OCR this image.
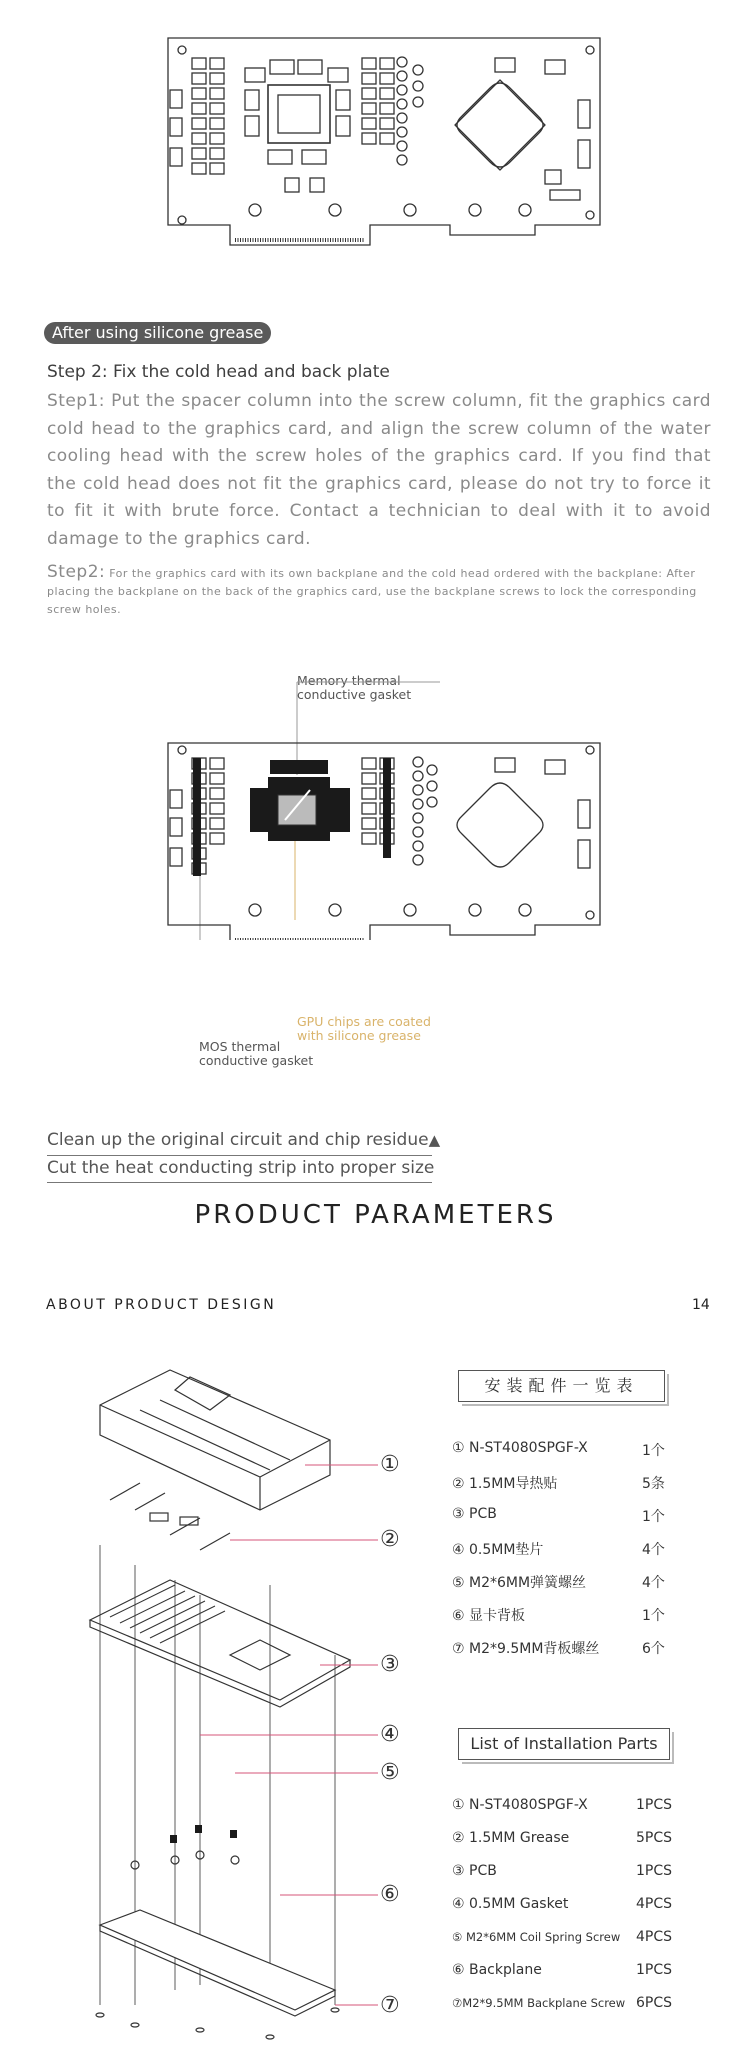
After using silicone grease
Step 2: Fix the cold head and back plate
Step1: Put the spacer column into the screw column, fit the graphics card cold head to the graphics card, and align the screw column of the water cooling head with the screw holes of the graphics card. If you find that the cold head does not fit the graphics card, please do not try to force it to fit it with brute force. Contact a technician to deal with it to avoid damage to the graphics card.
Step2: For the graphics card with its own backplane and the cold head ordered with the backplane: After placing the backplane on the back of the graphics card, use the backplane screws to lock the corresponding screw holes.
Memory thermal
conductive gasket
GPU chips are coated
with silicone grease
MOS thermal
conductive gasket
Clean up the original circuit and chip residue▲
Cut the heat conducting strip into proper size
PRODUCT PARAMETERS
ABOUT PRODUCT DESIGN	14
①
②
③
④
⑤
⑥
⑦
安装配件一览表
① N-ST4080SPGF-X	1个
② 1.5MM导热贴	5条
③ PCB	1个
④ 0.5MM垫片	4个
⑤ M2*6MM弹簧螺丝	4个
⑥ 显卡背板	1个
⑦ M2*9.5MM背板螺丝	6个
List of Installation Parts
① N-ST4080SPGF-X	1PCS
② 1.5MM Grease	5PCS
③ PCB	1PCS
④ 0.5MM Gasket	4PCS
⑤ M2*6MM Coil Spring Screw 4PCS
⑥ Backplane	1PCS
⑦M2*9.5MM Backplane Screw 6PCS
